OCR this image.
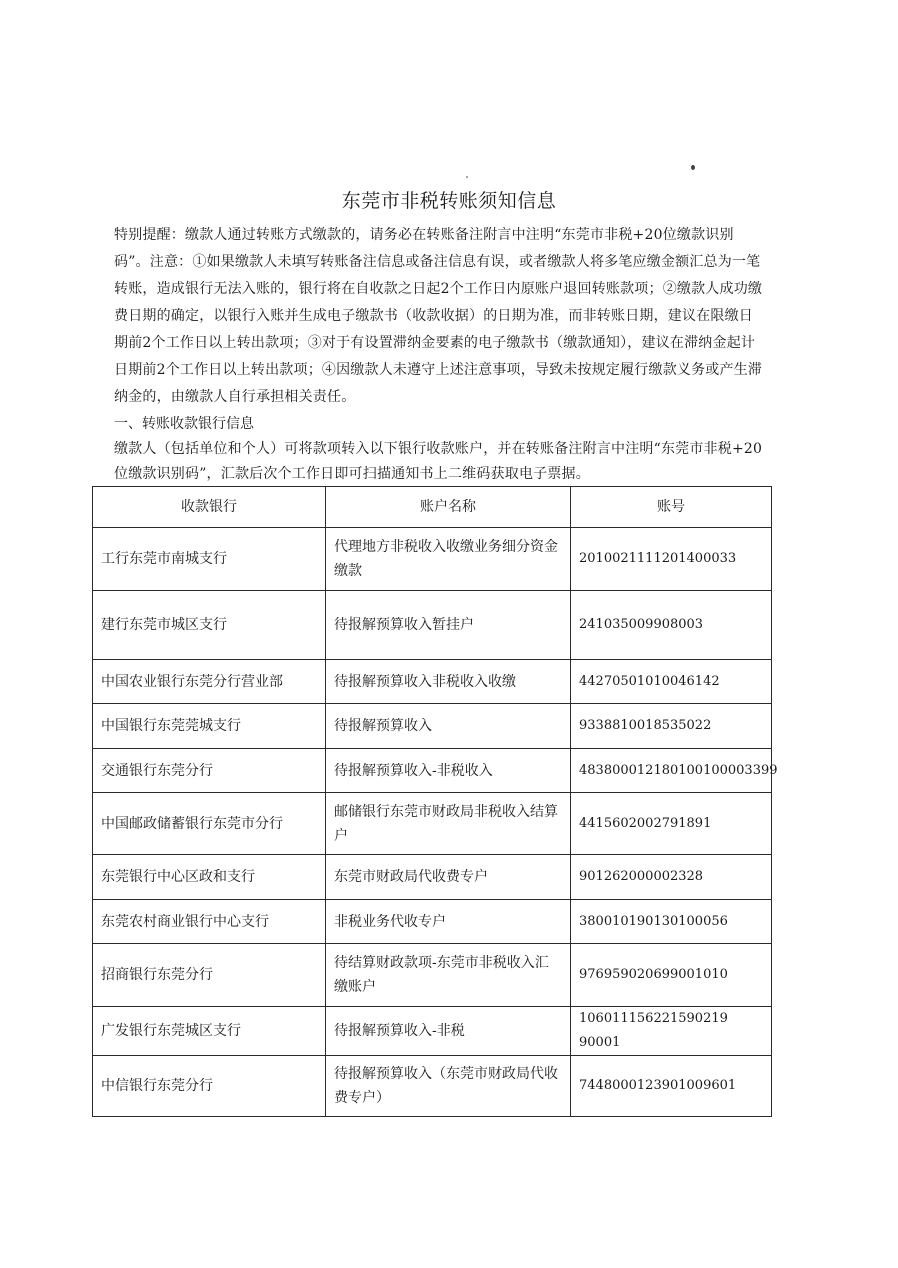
东莞市非税转账须知信息

特别提醒：缴款人通过转账方式缴款的，请务必在转账备注附言中注明“东莞市非税+20位缴款识别码”。注意：①如果缴款人未填写转账备注信息或备注信息有误，或者缴款人将多笔应缴金额汇总为一笔转账，造成银行无法入账的，银行将在自收款之日起2个工作日内原账户退回转账款项；②缴款人成功缴费日期的确定，以银行入账并生成电子缴款书（收款收据）的日期为准，而非转账日期，建议在限缴日期前2个工作日以上转出款项；③对于有设置滞纳金要素的电子缴款书（缴款通知），建议在滞纳金起计日期前2个工作日以上转出款项；④因缴款人未遵守上述注意事项，导致未按规定履行缴款义务或产生滞纳金的，由缴款人自行承担相关责任。

一、转账收款银行信息

缴款人（包括单位和个人）可将款项转入以下银行收款账户，并在转账备注附言中注明“东莞市非税+20位缴款识别码”，汇款后次个工作日即可扫描通知书上二维码获取电子票据。

收款银行	账户名称	账号
工行东莞市南城支行	代理地方非税收入收缴业务细分资金缴款	2010021111201400033
建行东莞市城区支行	待报解预算收入暂挂户	241035009908003
中国农业银行东莞分行营业部	待报解预算收入非税收入收缴	44270501010046142
中国银行东莞莞城支行	待报解预算收入	9338810018535022
交通银行东莞分行	待报解预算收入-非税收入	483800012180100100003399
中国邮政储蓄银行东莞市分行	邮储银行东莞市财政局非税收入结算户	4415602002791891
东莞银行中心区政和支行	东莞市财政局代收费专户	901262000002328
东莞农村商业银行中心支行	非税业务代收专户	380010190130100056
招商银行东莞分行	待结算财政款项-东莞市非税收入汇缴账户	976959020699001010
广发银行东莞城区支行	待报解预算收入-非税	106011156221590219 90001
中信银行东莞分行	待报解预算收入（东莞市财政局代收费专户）	7448000123901009601
